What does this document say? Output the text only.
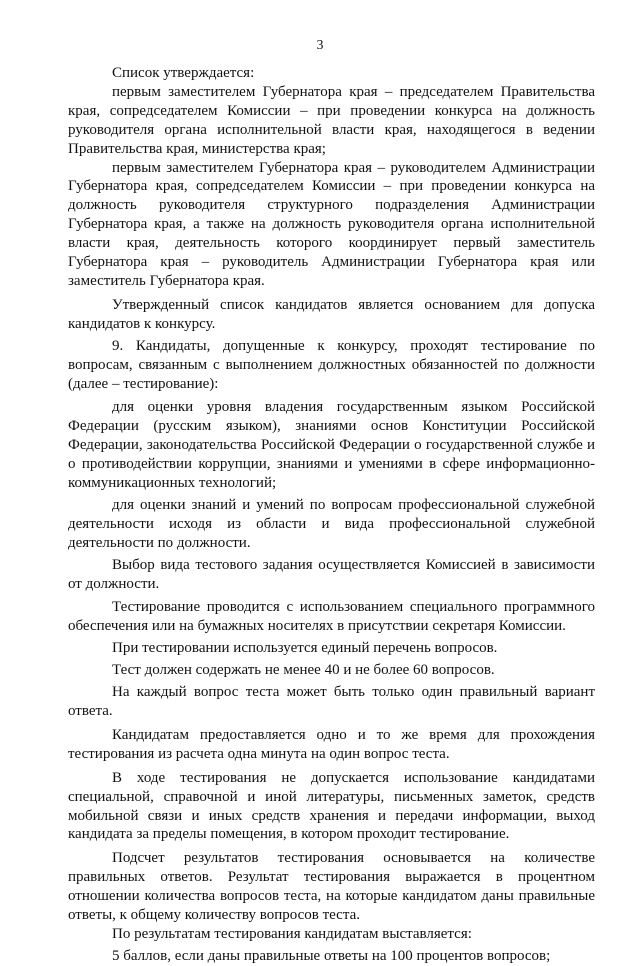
3

Список утверждается:

первым заместителем Губернатора края – председателем Правительства края, сопредседателем Комиссии – при проведении конкурса на должность руководителя органа исполнительной власти края, находящегося в ведении Правительства края, министерства края;

первым заместителем Губернатора края – руководителем Администрации Губернатора края, сопредседателем Комиссии – при проведении конкурса на должность руководителя структурного подразделения Администрации Губернатора края, а также на должность руководителя органа исполнительной власти края, деятельность которого координирует первый заместитель Губернатора края – руководитель Администрации Губернатора края или заместитель Губернатора края.

Утвержденный список кандидатов является основанием для допуска кандидатов к конкурсу.

9. Кандидаты, допущенные к конкурсу, проходят тестирование по вопросам, связанным с выполнением должностных обязанностей по должности (далее – тестирование):

для оценки уровня владения государственным языком Российской Федерации (русским языком), знаниями основ Конституции Российской Федерации, законодательства Российской Федерации о государственной службе и о противодействии коррупции, знаниями и умениями в сфере информационно-коммуникационных технологий;

для оценки знаний и умений по вопросам профессиональной служебной деятельности исходя из области и вида профессиональной служебной деятельности по должности.

Выбор вида тестового задания осуществляется Комиссией в зависимости от должности.

Тестирование проводится с использованием специального программного обеспечения или на бумажных носителях в присутствии секретаря Комиссии.

При тестировании используется единый перечень вопросов.

Тест должен содержать не менее 40 и не более 60 вопросов.

На каждый вопрос теста может быть только один правильный вариант ответа.

Кандидатам предоставляется одно и то же время для прохождения тестирования из расчета одна минута на один вопрос теста.

В ходе тестирования не допускается использование кандидатами специальной, справочной и иной литературы, письменных заметок, средств мобильной связи и иных средств хранения и передачи информации, выход кандидата за пределы помещения, в котором проходит тестирование.

Подсчет результатов тестирования основывается на количестве правильных ответов. Результат тестирования выражается в процентном отношении количества вопросов теста, на которые кандидатом даны правильные ответы, к общему количеству вопросов теста.

По результатам тестирования кандидатам выставляется:

5 баллов, если даны правильные ответы на 100 процентов вопросов;
